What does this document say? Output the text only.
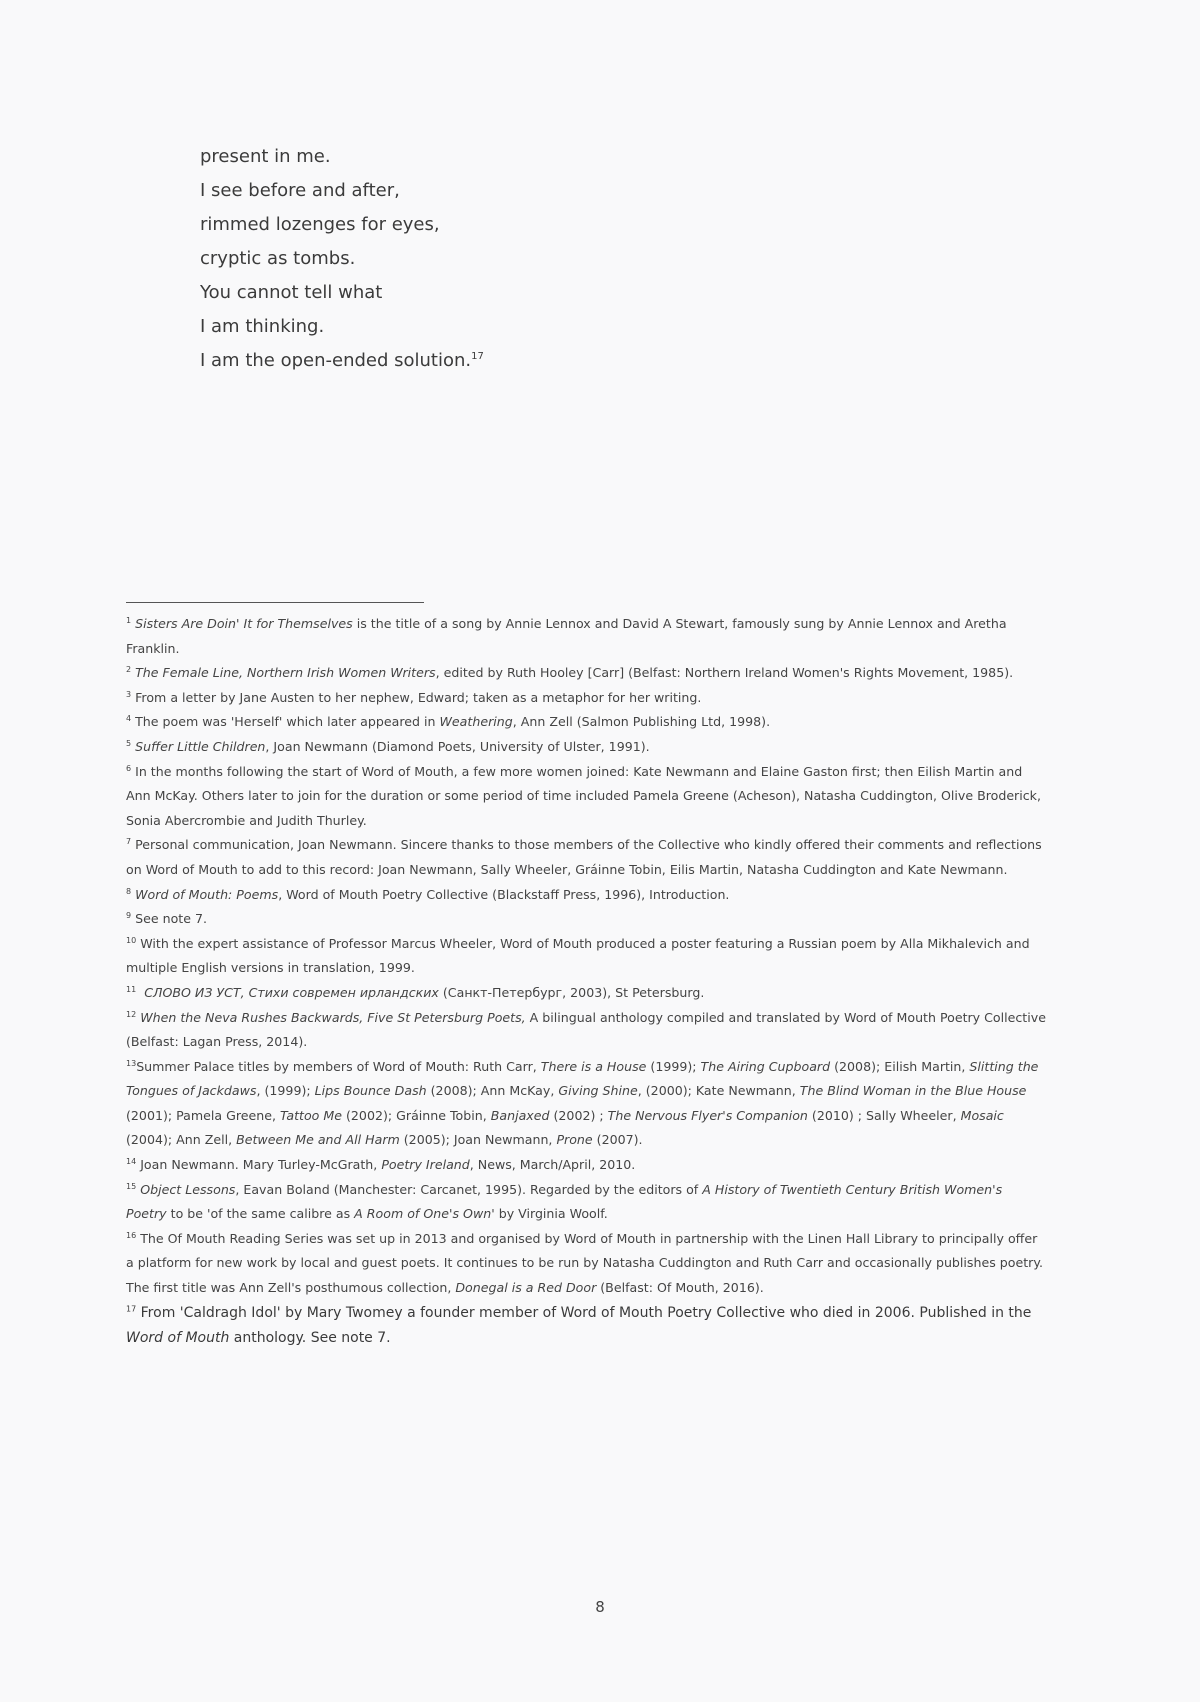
present in me.
I see before and after,
rimmed lozenges for eyes,
cryptic as tombs.
You cannot tell what
I am thinking.
I am the open-ended solution.$^{17}$

$^1$ Sisters Are Doin' It for Themselves is the title of a song by Annie Lennox and David A Stewart, famously sung by Annie Lennox and Aretha Franklin.

$^2$ The Female Line, Northern Irish Women Writers, edited by Ruth Hooley [Carr] (Belfast: Northern Ireland Women's Rights Movement, 1985).

$^3$ From a letter by Jane Austen to her nephew, Edward; taken as a metaphor for her writing.

$^4$ The poem was 'Herself' which later appeared in Weathering, Ann Zell (Salmon Publishing Ltd, 1998).

$^5$ Suffer Little Children, Joan Newmann (Diamond Poets, University of Ulster, 1991).

$^6$ In the months following the start of Word of Mouth, a few more women joined: Kate Newmann and Elaine Gaston first; then Eilish Martin and Ann McKay. Others later to join for the duration or some period of time included Pamela Greene (Acheson), Natasha Cuddington, Olive Broderick, Sonia Abercrombie and Judith Thurley.

$^7$ Personal communication, Joan Newmann. Sincere thanks to those members of the Collective who kindly offered their comments and reflections on Word of Mouth to add to this record: Joan Newmann, Sally Wheeler, Gráinne Tobin, Eilis Martin, Natasha Cuddington and Kate Newmann.

$^8$ Word of Mouth: Poems, Word of Mouth Poetry Collective (Blackstaff Press, 1996), Introduction.

$^9$ See note 7.

$^{10}$ With the expert assistance of Professor Marcus Wheeler, Word of Mouth produced a poster featuring a Russian poem by Alla Mikhalevich and multiple English versions in translation, 1999.

$^{11}$ СЛОВО ИЗ УСТ, Стихи современ ирландских (Санкт-Петербург, 2003), St Petersburg.

$^{12}$ When the Neva Rushes Backwards, Five St Petersburg Poets, A bilingual anthology compiled and translated by Word of Mouth Poetry Collective (Belfast: Lagan Press, 2014).

$^{13}$Summer Palace titles by members of Word of Mouth: Ruth Carr, There is a House (1999); The Airing Cupboard (2008); Eilish Martin, Slitting the Tongues of Jackdaws, (1999); Lips Bounce Dash (2008); Ann McKay, Giving Shine, (2000); Kate Newmann, The Blind Woman in the Blue House (2001); Pamela Greene, Tattoo Me (2002); Gráinne Tobin, Banjaxed (2002) ; The Nervous Flyer's Companion (2010) ; Sally Wheeler, Mosaic (2004); Ann Zell, Between Me and All Harm (2005); Joan Newmann, Prone (2007).

$^{14}$ Joan Newmann. Mary Turley-McGrath, Poetry Ireland, News, March/April, 2010.

$^{15}$ Object Lessons, Eavan Boland (Manchester: Carcanet, 1995). Regarded by the editors of A History of Twentieth Century British Women's Poetry to be 'of the same calibre as A Room of One's Own' by Virginia Woolf.

$^{16}$ The Of Mouth Reading Series was set up in 2013 and organised by Word of Mouth in partnership with the Linen Hall Library to principally offer a platform for new work by local and guest poets. It continues to be run by Natasha Cuddington and Ruth Carr and occasionally publishes poetry. The first title was Ann Zell's posthumous collection, Donegal is a Red Door (Belfast: Of Mouth, 2016).

$^{17}$ From 'Caldragh Idol' by Mary Twomey a founder member of Word of Mouth Poetry Collective who died in 2006. Published in the Word of Mouth anthology. See note 7.

8
